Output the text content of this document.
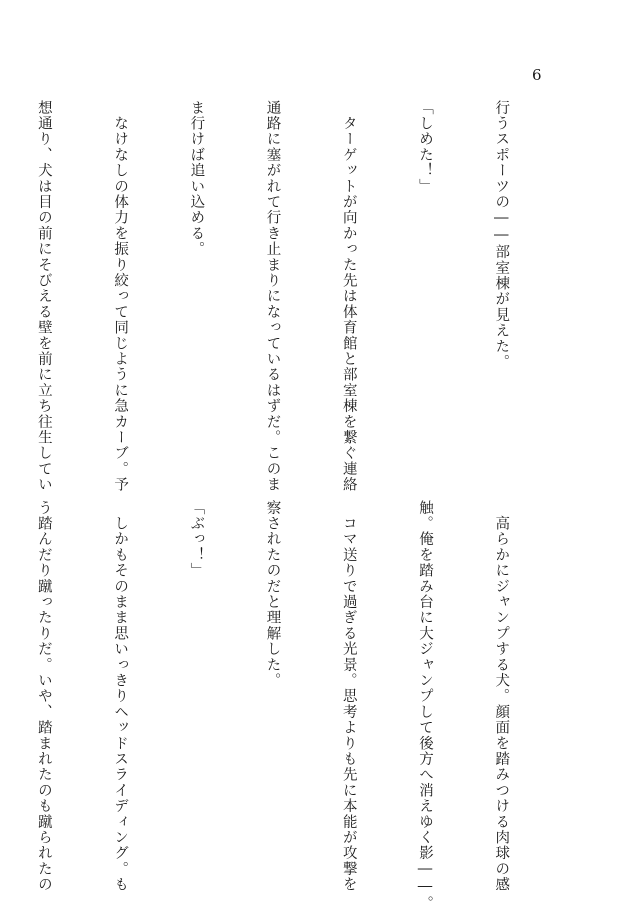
6

行うスポーツの――部室棟が見えた。

「しめた！」

　ターゲットが向かった先は体育館と部室棟を繋ぐ連絡

通路に塞がれて行き止まりになっているはずだ。このま

ま行けば追い込める。

　なけなしの体力を振り絞って同じように急カーブ。予

想通り、犬は目の前にそびえる壁を前に立ち往生してい

　高らかにジャンプする犬。顔面を踏みつける肉球の感

触。俺を踏み台に大ジャンプして後方へ消えゆく影――。

　コマ送りで過ぎる光景。思考よりも先に本能が攻撃を

察されたのだと理解した。

「ぶっ！」

　しかもそのまま思いっきりヘッドスライディング。も

う踏んだり蹴ったりだ。いや、踏まれたのも蹴られたの
